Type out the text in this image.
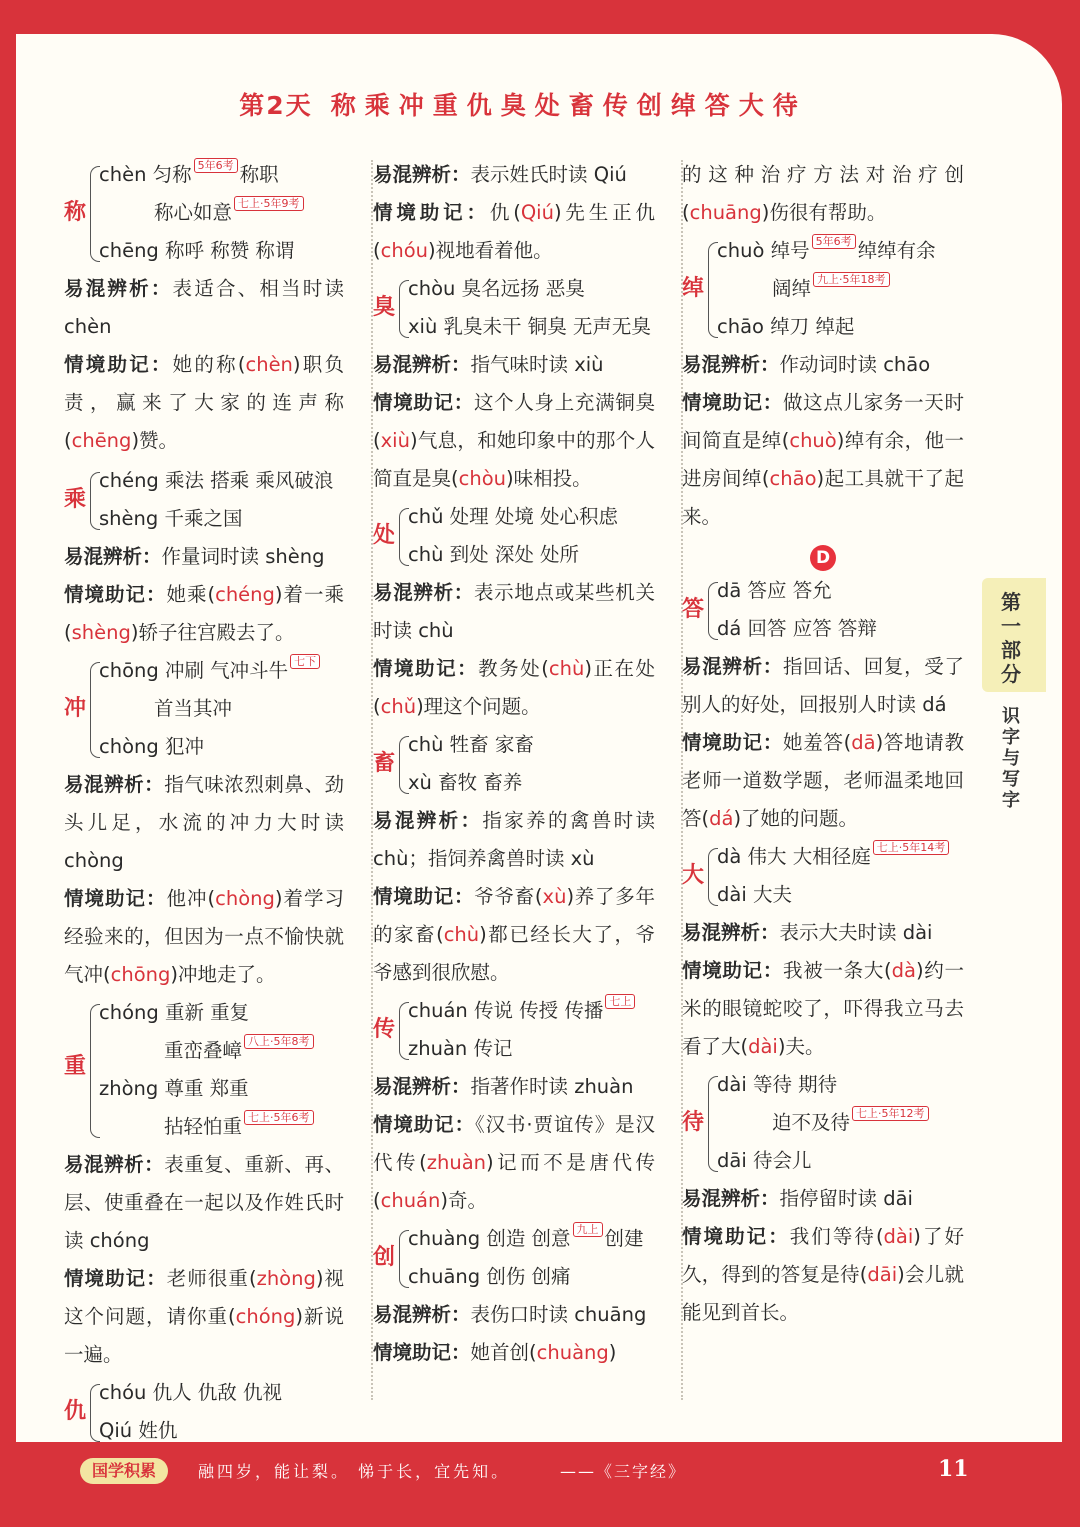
第2天 称乘冲重仇臭处畜传创绰答大待
称
chèn 匀称 5年6考 称职
称心如意 七上·5年9考
chēng 称呼 称赞 称谓
易混辨析：表适合、相当时读 chèn
情境助记：她的称(chèn)职负责，赢来了大家的连声称(chēng)赞。
乘
chéng 乘法 搭乘 乘风破浪
shèng 千乘之国
易混辨析：作量词时读 shèng
情境助记：她乘(chéng)着一乘(shèng)轿子往宫殿去了。
冲
chōng 冲刷 气冲斗牛 七下
首当其冲
chòng 犯冲
易混辨析：指气味浓烈刺鼻、劲头儿足，水流的冲力大时读 chòng
情境助记：他冲(chòng)着学习经验来的，但因为一点不愉快就气冲(chōng)冲地走了。
重
chóng 重新 重复
重峦叠嶂 八上·5年8考
zhòng 尊重 郑重
拈轻怕重 七上·5年6考
易混辨析：表重复、重新、再、层、使重叠在一起以及作姓氏时读 chóng
情境助记：老师很重(zhòng)视这个问题，请你重(chóng)新说一遍。
仇
chóu 仇人 仇敌 仇视
Qiú 姓仇
易混辨析：表示姓氏时读 Qiú
情境助记：仇(Qiú)先生正仇(chóu)视地看着他。
臭
chòu 臭名远扬 恶臭
xiù 乳臭未干 铜臭 无声无臭
易混辨析：指气味时读 xiù
情境助记：这个人身上充满铜臭(xiù)气息，和她印象中的那个人简直是臭(chòu)味相投。
处
chǔ 处理 处境 处心积虑
chù 到处 深处 处所
易混辨析：表示地点或某些机关时读 chù
情境助记：教务处(chù)正在处(chǔ)理这个问题。
畜
chù 牲畜 家畜
xù 畜牧 畜养
易混辨析：指家养的禽兽时读 chù；指饲养禽兽时读 xù
情境助记：爷爷畜(xù)养了多年的家畜(chù)都已经长大了，爷爷感到很欣慰。
传
chuán 传说 传授 传播 七上
zhuàn 传记
易混辨析：指著作时读 zhuàn
情境助记：《汉书·贾谊传》是汉代传(zhuàn)记而不是唐代传(chuán)奇。
创
chuàng 创造 创意 九上 创建
chuāng 创伤 创痛
易混辨析：表伤口时读 chuāng
情境助记：她首创(chuàng)
的这种治疗方法对治疗创(chuāng)伤很有帮助。
绰
chuò 绰号 5年6考 绰绰有余
阔绰 九上·5年18考
chāo 绰刀 绰起
易混辨析：作动词时读 chāo
情境助记：做这点儿家务一天时间简直是绰(chuò)绰有余，他一进房间绰(chāo)起工具就干了起来。
D
答
dā 答应 答允
dá 回答 应答 答辩
易混辨析：指回话、回复，受了别人的好处，回报别人时读 dá
情境助记：她羞答(dā)答地请教老师一道数学题，老师温柔地回答(dá)了她的问题。
大
dà 伟大 大相径庭 七上·5年14考
dài 大夫
易混辨析：表示大夫时读 dài
情境助记：我被一条大(dà)约一米的眼镜蛇咬了，吓得我立马去看了大(dài)夫。
待
dài 等待 期待
迫不及待 七上·5年12考
dāi 待会儿
易混辨析：指停留时读 dāi
情境助记：我们等待(dài)了好久，得到的答复是待(dāi)会儿就能见到首长。
第一部分
识字与写字
国学积累	融四岁，能让梨。 悌于长，宜先知。	——《三字经》	11
